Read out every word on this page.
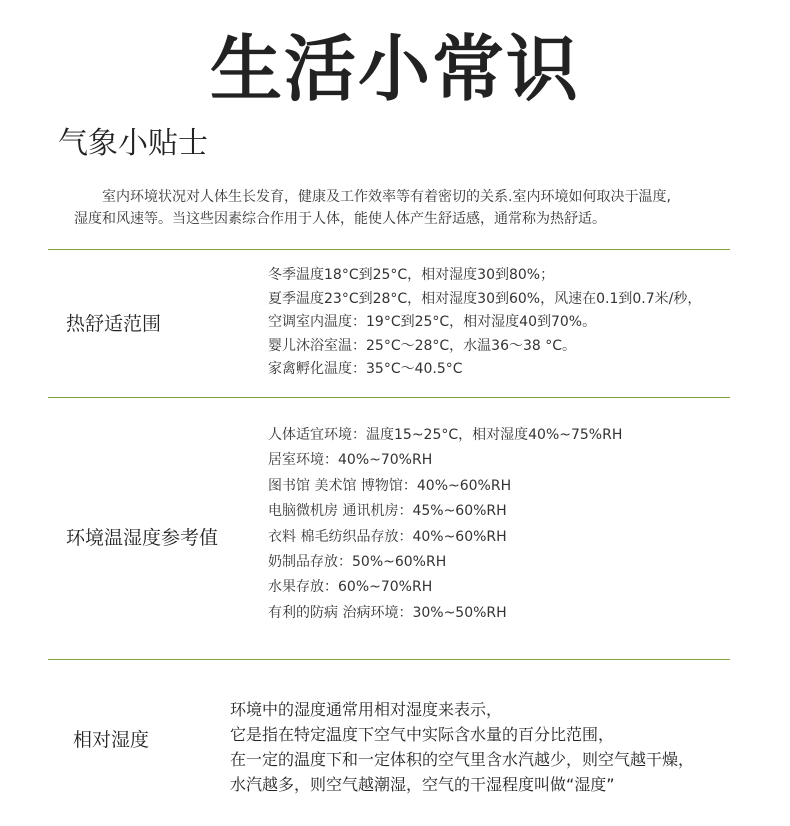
生活小常识
气象小贴士
室内环境状况对人体生长发育，健康及工作效率等有着密切的关系.室内环境如何取决于温度,
湿度和风速等。当这些因素综合作用于人体，能使人体产生舒适感，通常称为热舒适。
热舒适范围
冬季温度18°C到25°C，相对湿度30到80%；
夏季温度23°C到28°C，相对湿度30到60%，风速在0.1到0.7米/秒，
空调室内温度：19°C到25°C，相对湿度40到70%。
婴儿沐浴室温：25°C～28°C，水温36～38 °C。
家禽孵化温度：35°C～40.5°C
环境温湿度参考值
人体适宜环境：温度15~25°C，相对湿度40%~75%RH
居室环境：40%~70%RH
图书馆 美术馆 博物馆：40%~60%RH
电脑微机房 通讯机房：45%~60%RH
衣料 棉毛纺织品存放：40%~60%RH
奶制品存放：50%~60%RH
水果存放：60%~70%RH
有利的防病 治病环境：30%~50%RH
相对湿度
环境中的湿度通常用相对湿度来表示，
它是指在特定温度下空气中实际含水量的百分比范围，
在一定的温度下和一定体积的空气里含水汽越少，则空气越干燥，
水汽越多，则空气越潮湿，空气的干湿程度叫做“湿度”
